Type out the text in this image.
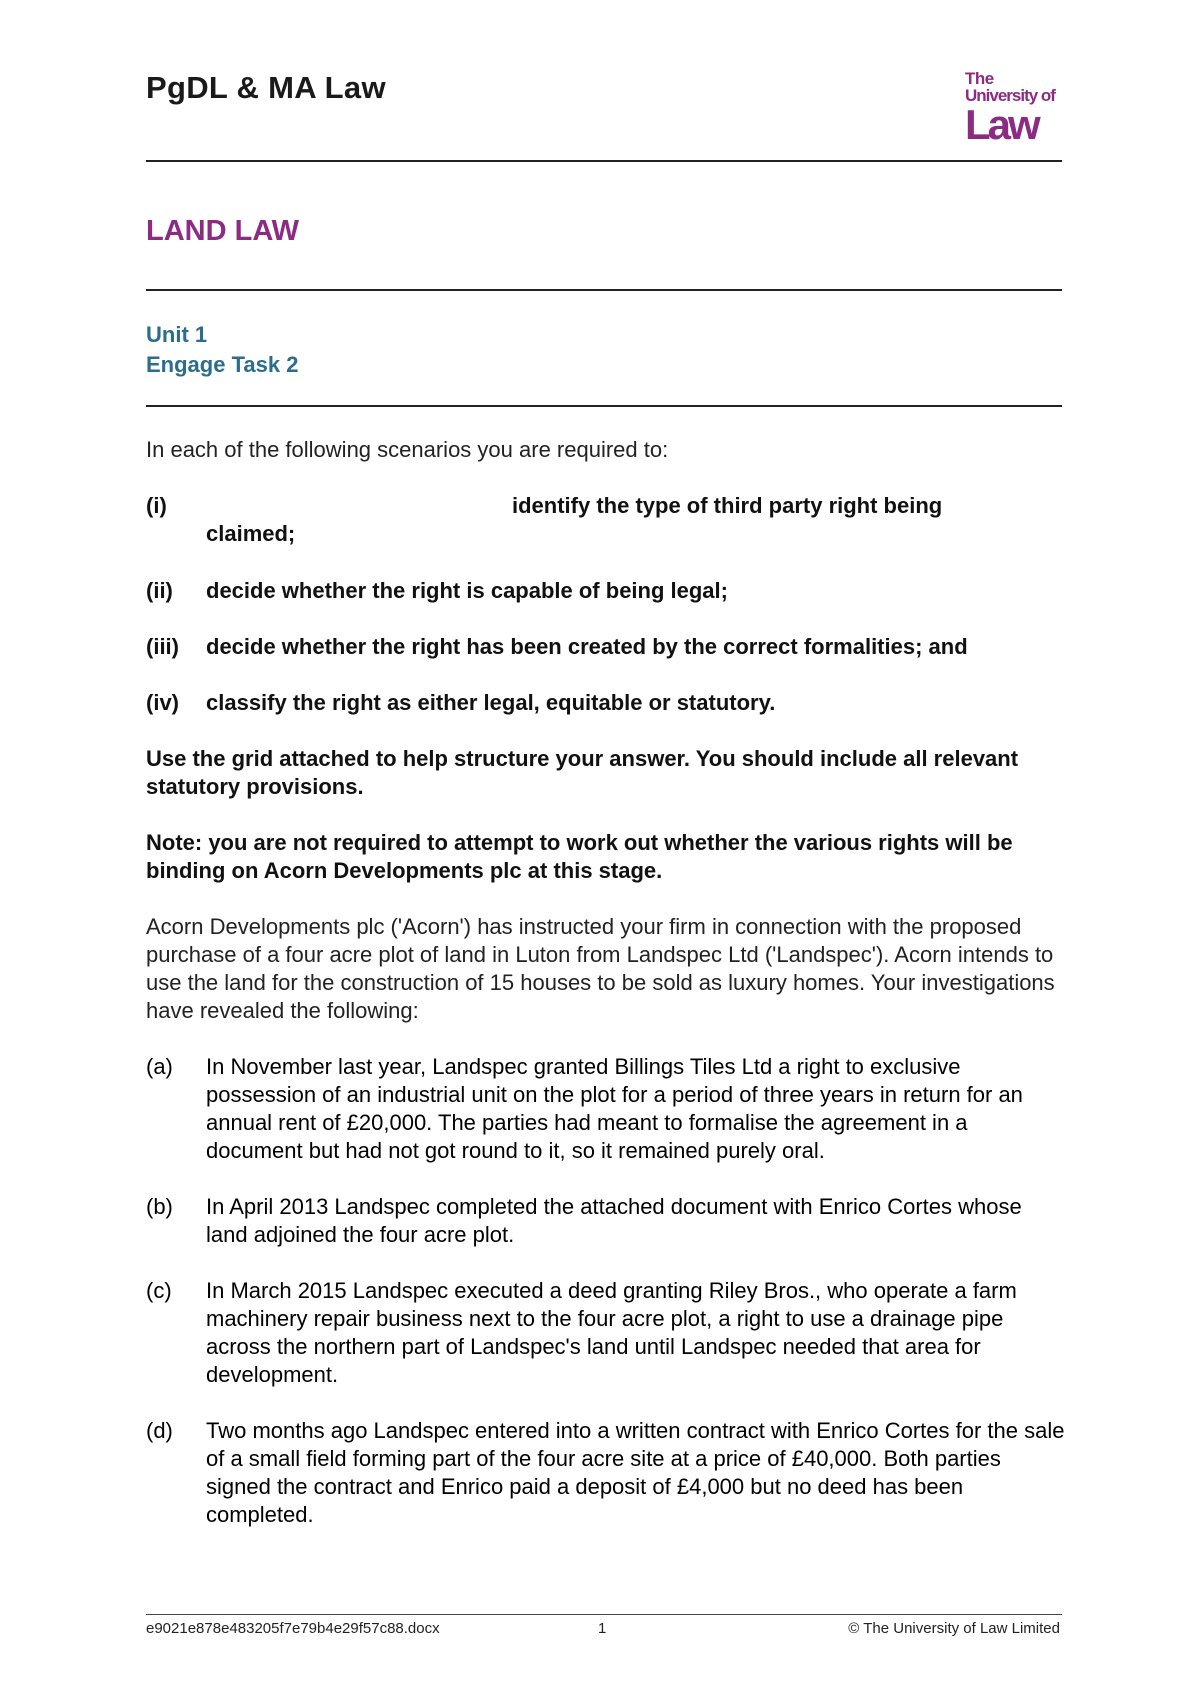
PgDL & MA Law	The
University of
Law
LAND LAW
Unit 1
Engage Task 2
In each of the following scenarios you are required to:
(i)	identify the type of third party right being
claimed;
(ii) decide whether the right is capable of being legal;
(iii) decide whether the right has been created by the correct formalities; and
(iv) classify the right as either legal, equitable or statutory.
Use the grid attached to help structure your answer. You should include all relevant statutory provisions.
Note: you are not required to attempt to work out whether the various rights will be binding on Acorn Developments plc at this stage.
Acorn Developments plc ('Acorn') has instructed your firm in connection with the proposed purchase of a four acre plot of land in Luton from Landspec Ltd ('Landspec'). Acorn intends to use the land for the construction of 15 houses to be sold as luxury homes. Your investigations have revealed the following:
(a) In November last year, Landspec granted Billings Tiles Ltd a right to exclusive possession of an industrial unit on the plot for a period of three years in return for an annual rent of £20,000. The parties had meant to formalise the agreement in a document but had not got round to it, so it remained purely oral.
(b) In April 2013 Landspec completed the attached document with Enrico Cortes whose land adjoined the four acre plot.
(c) In March 2015 Landspec executed a deed granting Riley Bros., who operate a farm machinery repair business next to the four acre plot, a right to use a drainage pipe across the northern part of Landspec's land until Landspec needed that area for development.
(d) Two months ago Landspec entered into a written contract with Enrico Cortes for the sale of a small field forming part of the four acre site at a price of £40,000. Both parties signed the contract and Enrico paid a deposit of £4,000 but no deed has been completed.
e9021e878e483205f7e79b4e29f57c88.docx	1	© The University of Law Limited
